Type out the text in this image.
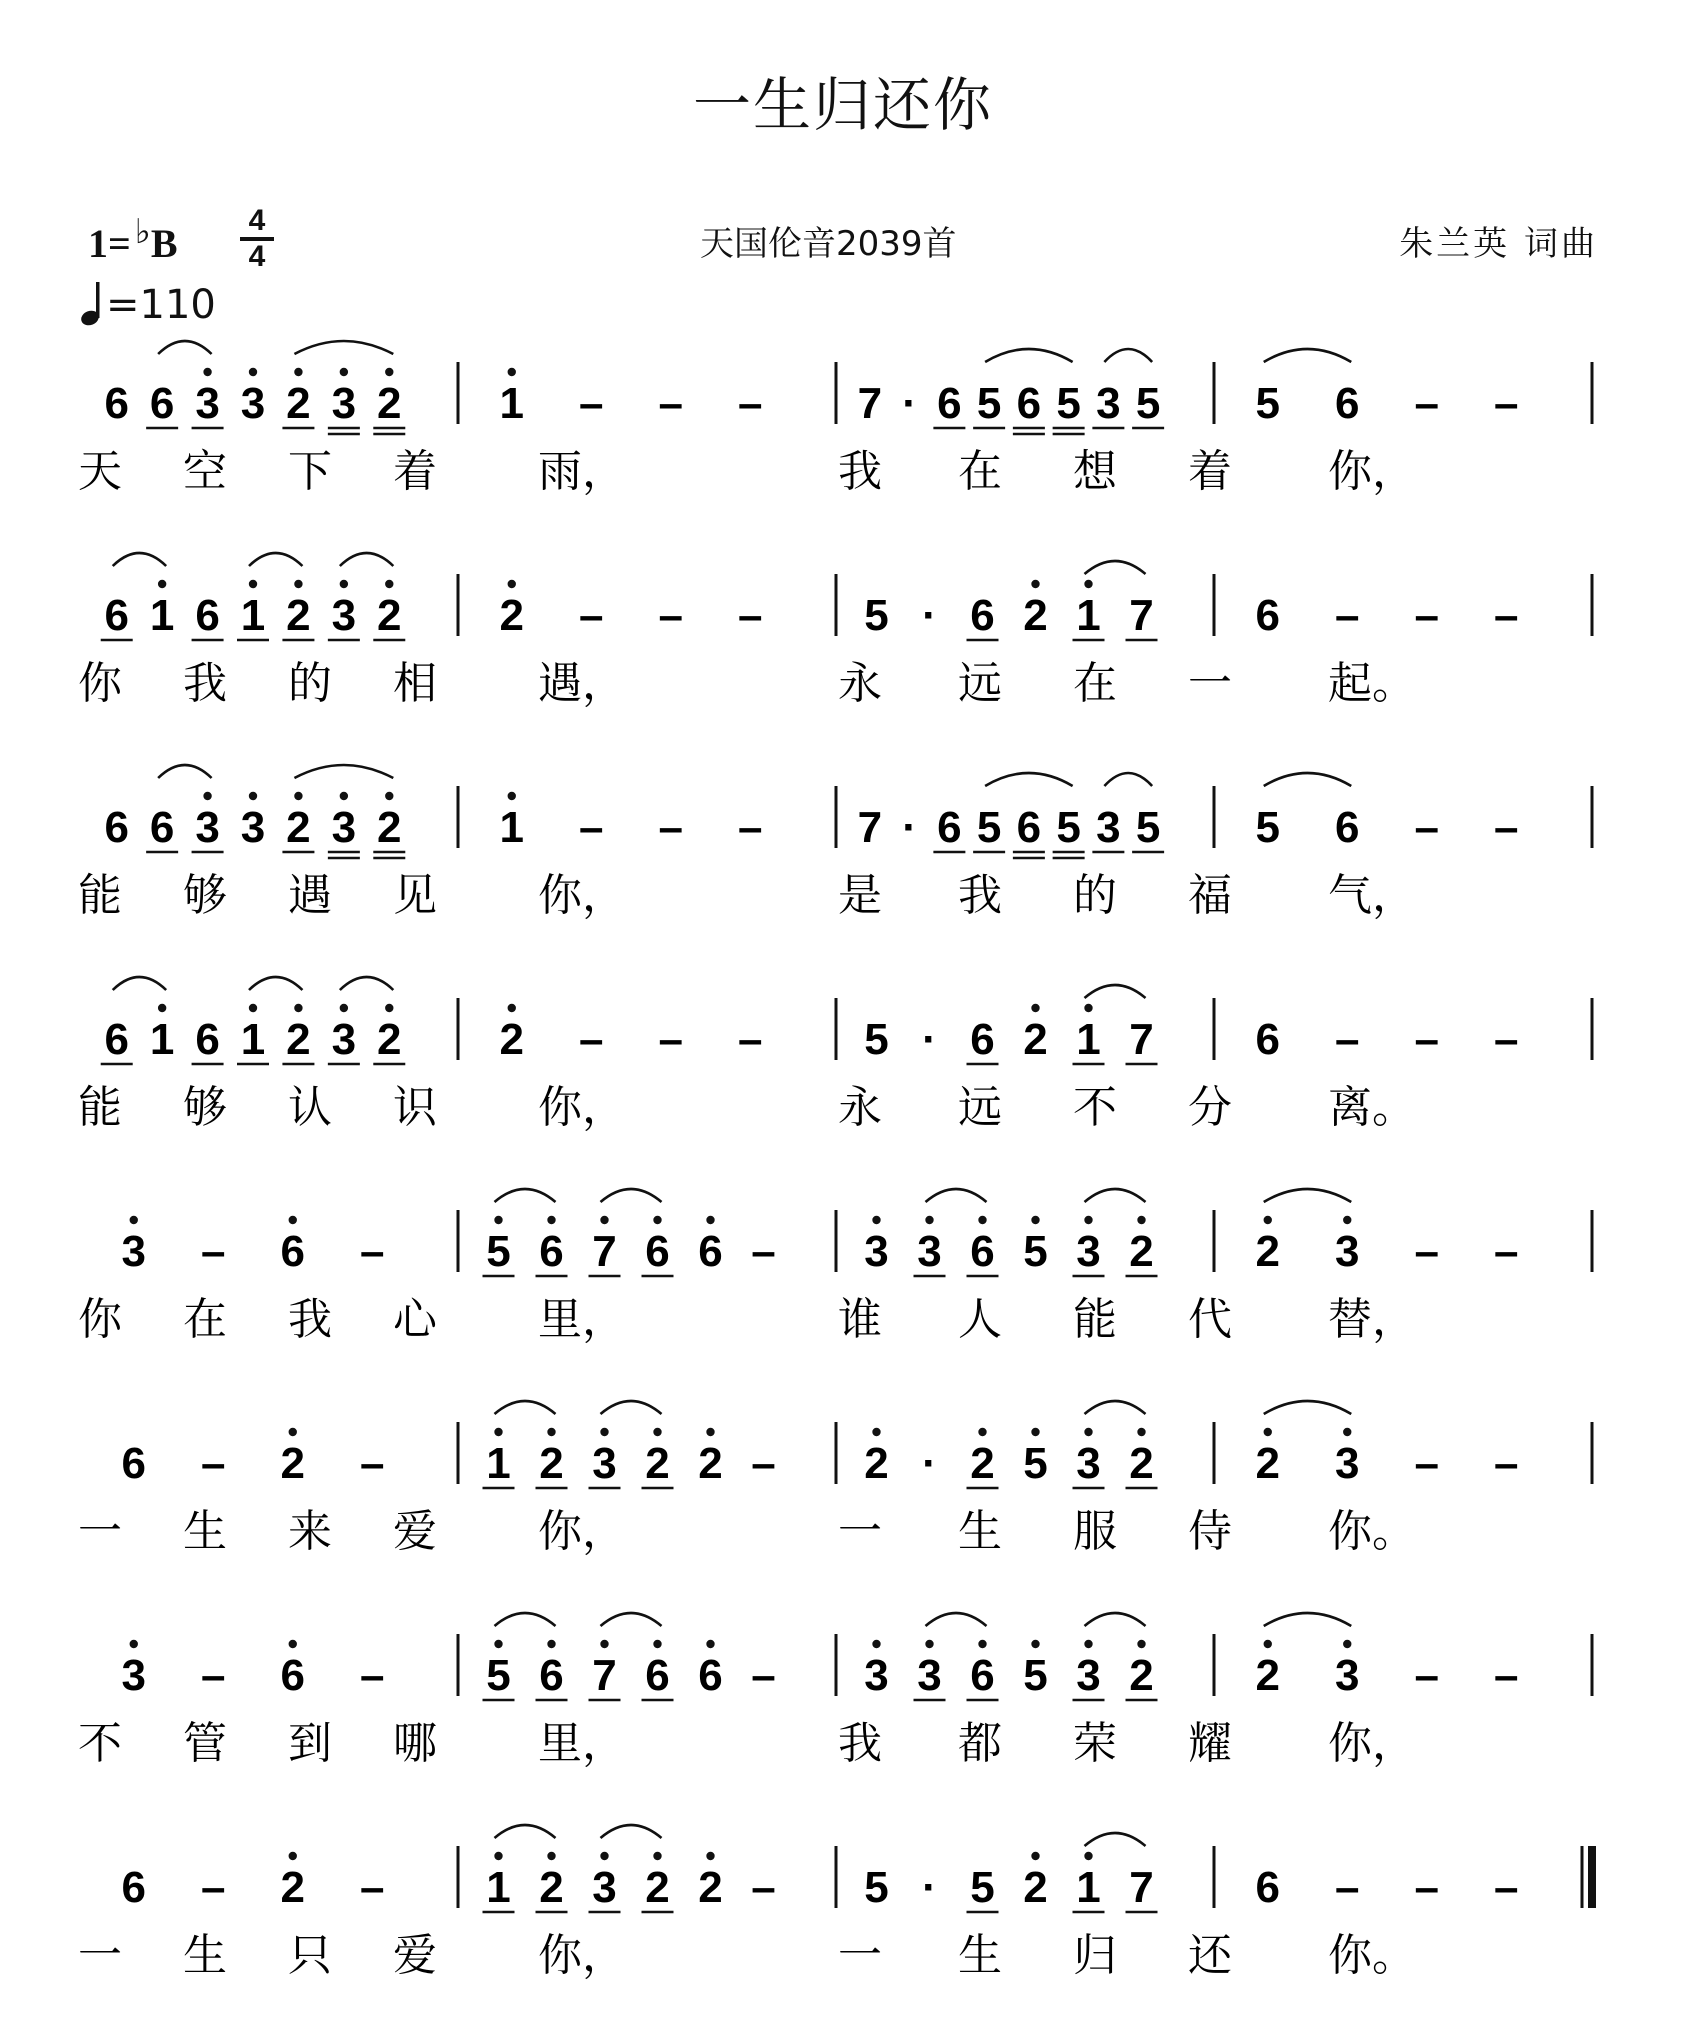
一生归还你
1= ♭B
4
4
=110
天国伦音2039首	朱兰英 词曲
6 6 3 3 2 3 2 1 – – – 7 · 6 5 6 5 3 5 5 6 – –
天 空 下 着 雨，	我 在 想 着 你，
6 1 6 1 2 3 2 2 – – – 5 · 6 2 1 7 6 – – –
你 我 的 相 遇，	永 远 在 一 起。
6 6 3 3 2 3 2 1 – – – 7 · 6 5 6 5 3 5 5 6 – –
能 够 遇 见 你，	是 我 的 福 气，
6 1 6 1 2 3 2 2 – – – 5 · 6 2 1 7 6 – – –
能 够 认 识 你，	永 远 不 分 离。
3 – 6 – 5 6 7 6 6 – 3 3 6 5 3 2 2 3 – –
你 在 我 心 里，	谁 人 能 代 替，
6 – 2 – 1 2 3 2 2 – 2 · 2 5 3 2 2 3 – –
一 生 来 爱 你，	一 生 服 侍 你。
3 – 6 – 5 6 7 6 6 – 3 3 6 5 3 2 2 3 – –
不 管 到 哪 里，	我 都 荣 耀 你，
6 – 2 – 1 2 3 2 2 – 5 · 5 2 1 7 6 – – –
一 生 只 爱 你，	一 生 归 还 你。
